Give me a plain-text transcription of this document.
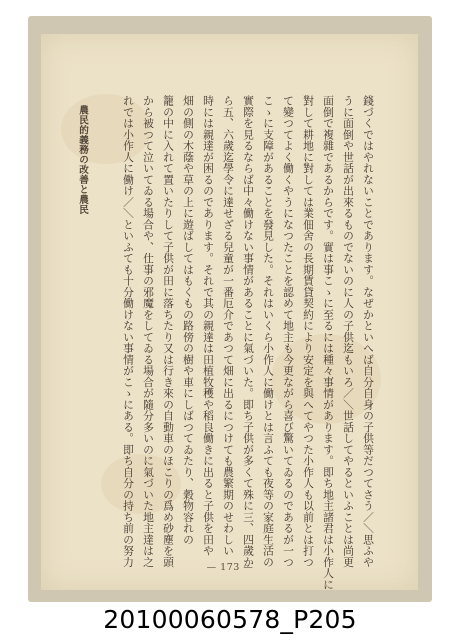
農民的義務の改善と農民	錢づくではやれないことであります。なぜかといへば自分自身の子供等だつてさう／＼思ふや
うに面倒や世話が出來るものでないのに人の子供迄もいろ／＼世話してやるといふことは尚更
面倒で複雜であるからです。實は事こゝに至るには種々事情があります。即ち地主諸君は小作人に
對して耕地に對しては業佃舍の長期賃貸契約により安定を與へてやつた小作人も以前とは打つ
て變つてよく働くやうになつたことを認めて地主も今更ながら喜び驚いてゐるのであるが一つ
こゝに支障があることを發見した。それはいくら小作人に働けとは言ふても夜等の家庭生活の
實際を見るならば中々働けない事情があることに氣づいた。即ち子供が多くて殊に三、四歲か
ら五、六歲迄學令に達せざる兒童が一番厄介であつて畑に出るにつけても農繁期のせわしい
時には親達が困るのであります。それで其の親達は田植牧穫や稻良働きに出ると子供を田や
畑の側の木蔭や草の上に遊ばしてはもくもの路傍の樹や車にしばつてゐたり、穀物容れの
籠の中に入れて置いたりして子供が田に落ちたり又は行き來の自動車のほこりの爲め砂塵を頭
から被つて泣いてゐる場合や、仕事の邪魔をしてゐる場合が隨分多いのに氣づいた地主達は之
れでは小作人に働け／＼といふても十分働けない事情がこゝにある。即ち自分の持ち前の努力	— 173 —
20100060578_P205
